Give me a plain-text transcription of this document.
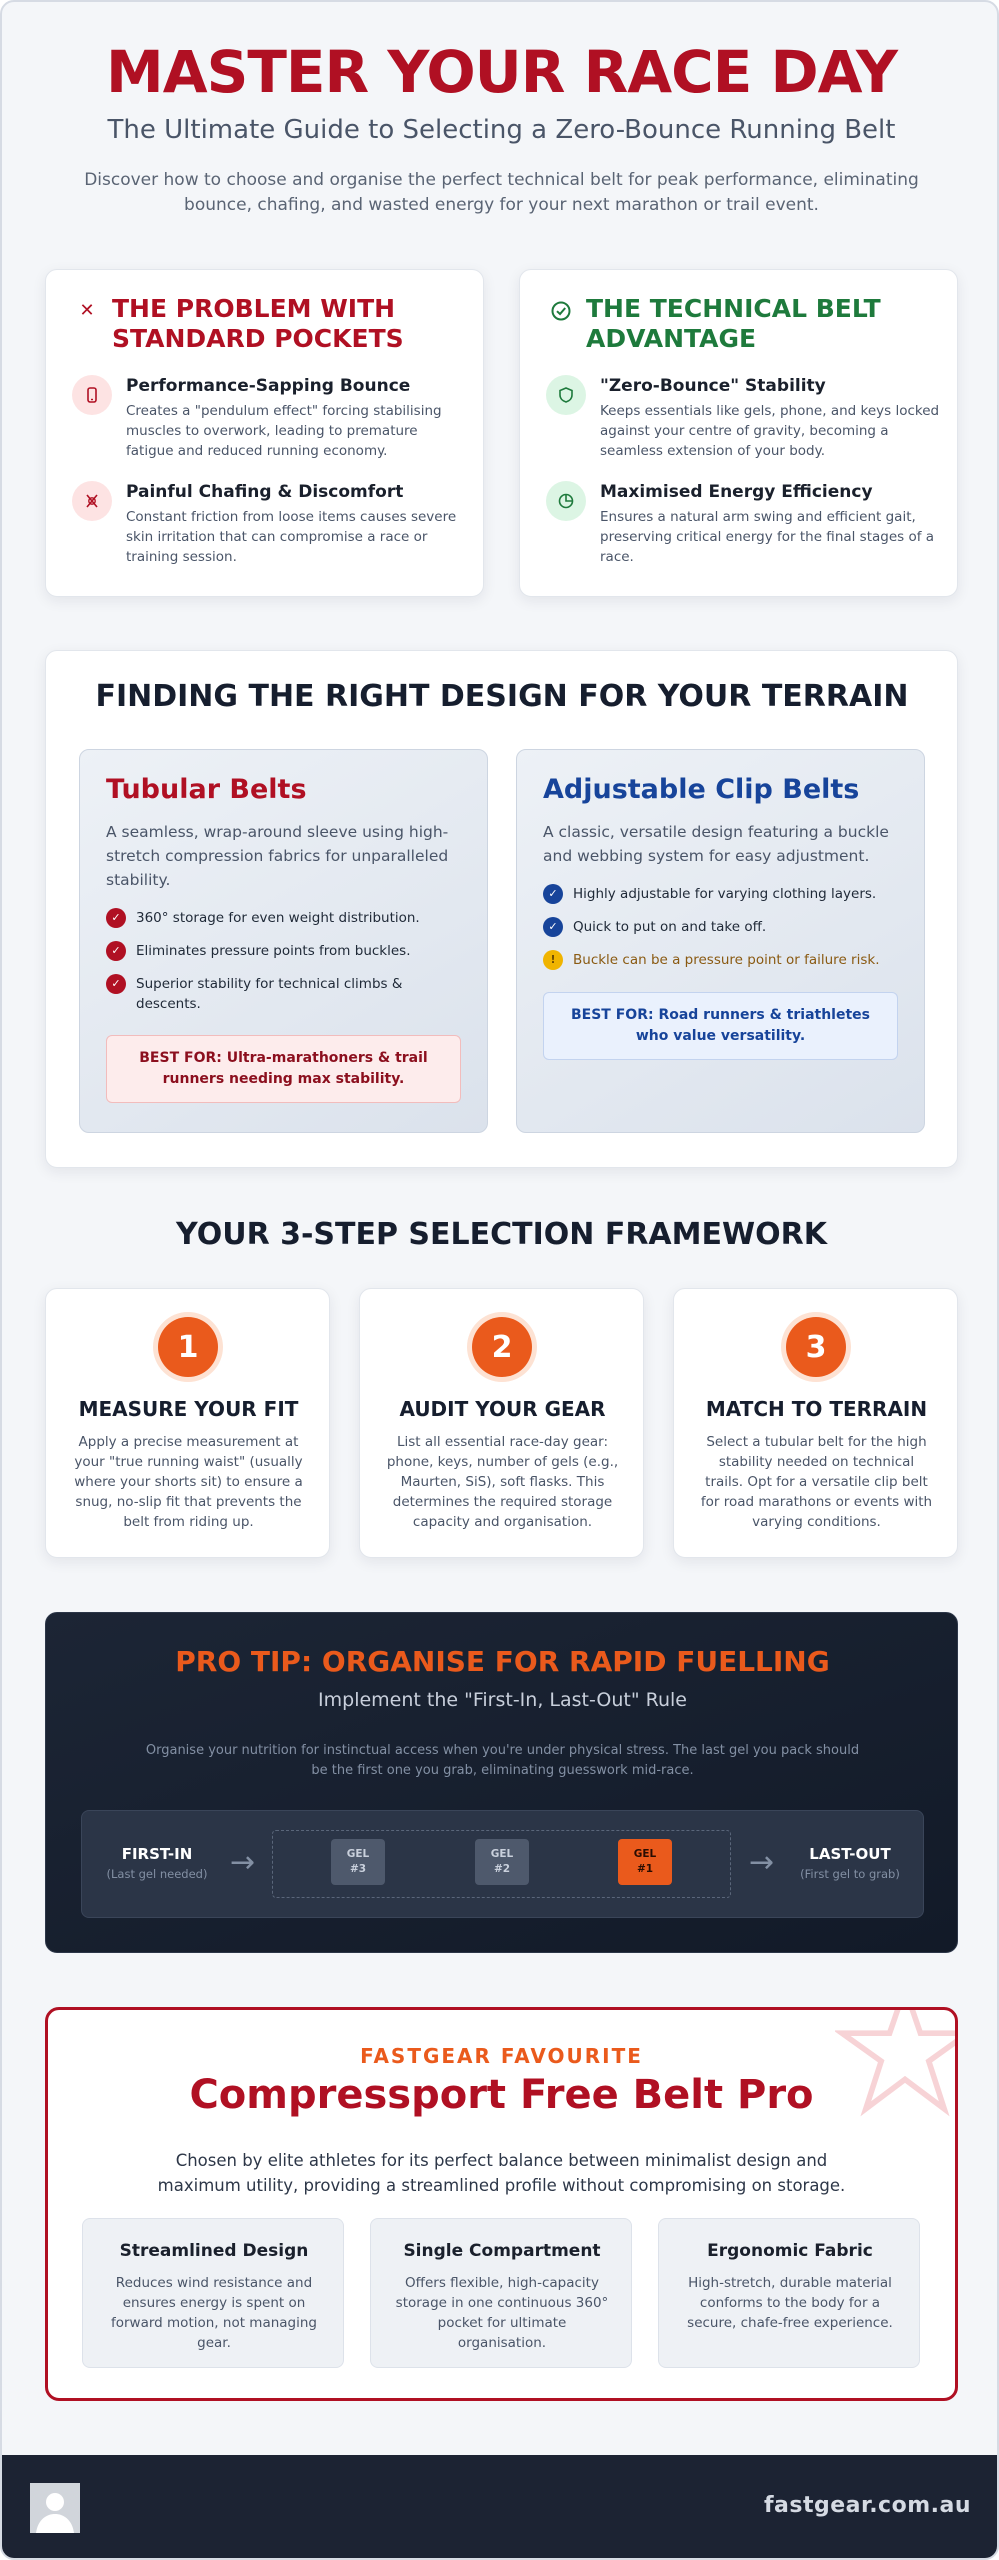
MASTER YOUR RACE DAY
The Ultimate Guide to Selecting a Zero-Bounce Running Belt
Discover how to choose and organise the perfect technical belt for peak performance, eliminating bounce, chafing, and wasted energy for your next marathon or trail event.
✕ THE PROBLEM WITH STANDARD POCKETS
Performance-Sapping Bounce
Creates a "pendulum effect" forcing stabilising muscles to overwork, leading to premature fatigue and reduced running economy.
Painful Chafing & Discomfort
Constant friction from loose items causes severe skin irritation that can compromise a race or training session.
THE TECHNICAL BELT ADVANTAGE
"Zero-Bounce" Stability
Keeps essentials like gels, phone, and keys locked against your centre of gravity, becoming a seamless extension of your body.
Maximised Energy Efficiency
Ensures a natural arm swing and efficient gait, preserving critical energy for the final stages of a race.
FINDING THE RIGHT DESIGN FOR YOUR TERRAIN
Tubular Belts
A seamless, wrap-around sleeve using high-stretch compression fabrics for unparalleled stability.
✓	360° storage for even weight distribution.
✓	Eliminates pressure points from buckles.
✓	Superior stability for technical climbs & descents.
BEST FOR: Ultra-marathoners & trail runners needing max stability.
Adjustable Clip Belts
A classic, versatile design featuring a buckle and webbing system for easy adjustment.
✓	Highly adjustable for varying clothing layers.
✓	Quick to put on and take off.
!	Buckle can be a pressure point or failure risk.
BEST FOR: Road runners & triathletes who value versatility.
YOUR 3-STEP SELECTION FRAMEWORK
1
MEASURE YOUR FIT
Apply a precise measurement at your "true running waist" (usually where your shorts sit) to ensure a snug, no-slip fit that prevents the belt from riding up.
2
AUDIT YOUR GEAR
List all essential race-day gear: phone, keys, number of gels (e.g., Maurten, SiS), soft flasks. This determines the required storage capacity and organisation.
3
MATCH TO TERRAIN
Select a tubular belt for the high stability needed on technical trails. Opt for a versatile clip belt for road marathons or events with varying conditions.
PRO TIP: ORGANISE FOR RAPID FUELLING
Implement the "First-In, Last-Out" Rule
Organise your nutrition for instinctual access when you're under physical stress. The last gel you pack should be the first one you grab, eliminating guesswork mid-race.
FIRST-IN
(Last gel needed) →	GEL
#3
GEL
#2
GEL
#1	→	LAST-OUT
(First gel to grab)
FASTGEAR FAVOURITE
Compressport Free Belt Pro
Chosen by elite athletes for its perfect balance between minimalist design and maximum utility, providing a streamlined profile without compromising on storage.
Streamlined Design
Reduces wind resistance and ensures energy is spent on forward motion, not managing gear.
Single Compartment
Offers flexible, high-capacity storage in one continuous 360° pocket for ultimate organisation.
Ergonomic Fabric
High-stretch, durable material conforms to the body for a secure, chafe-free experience.
fastgear.com.au
